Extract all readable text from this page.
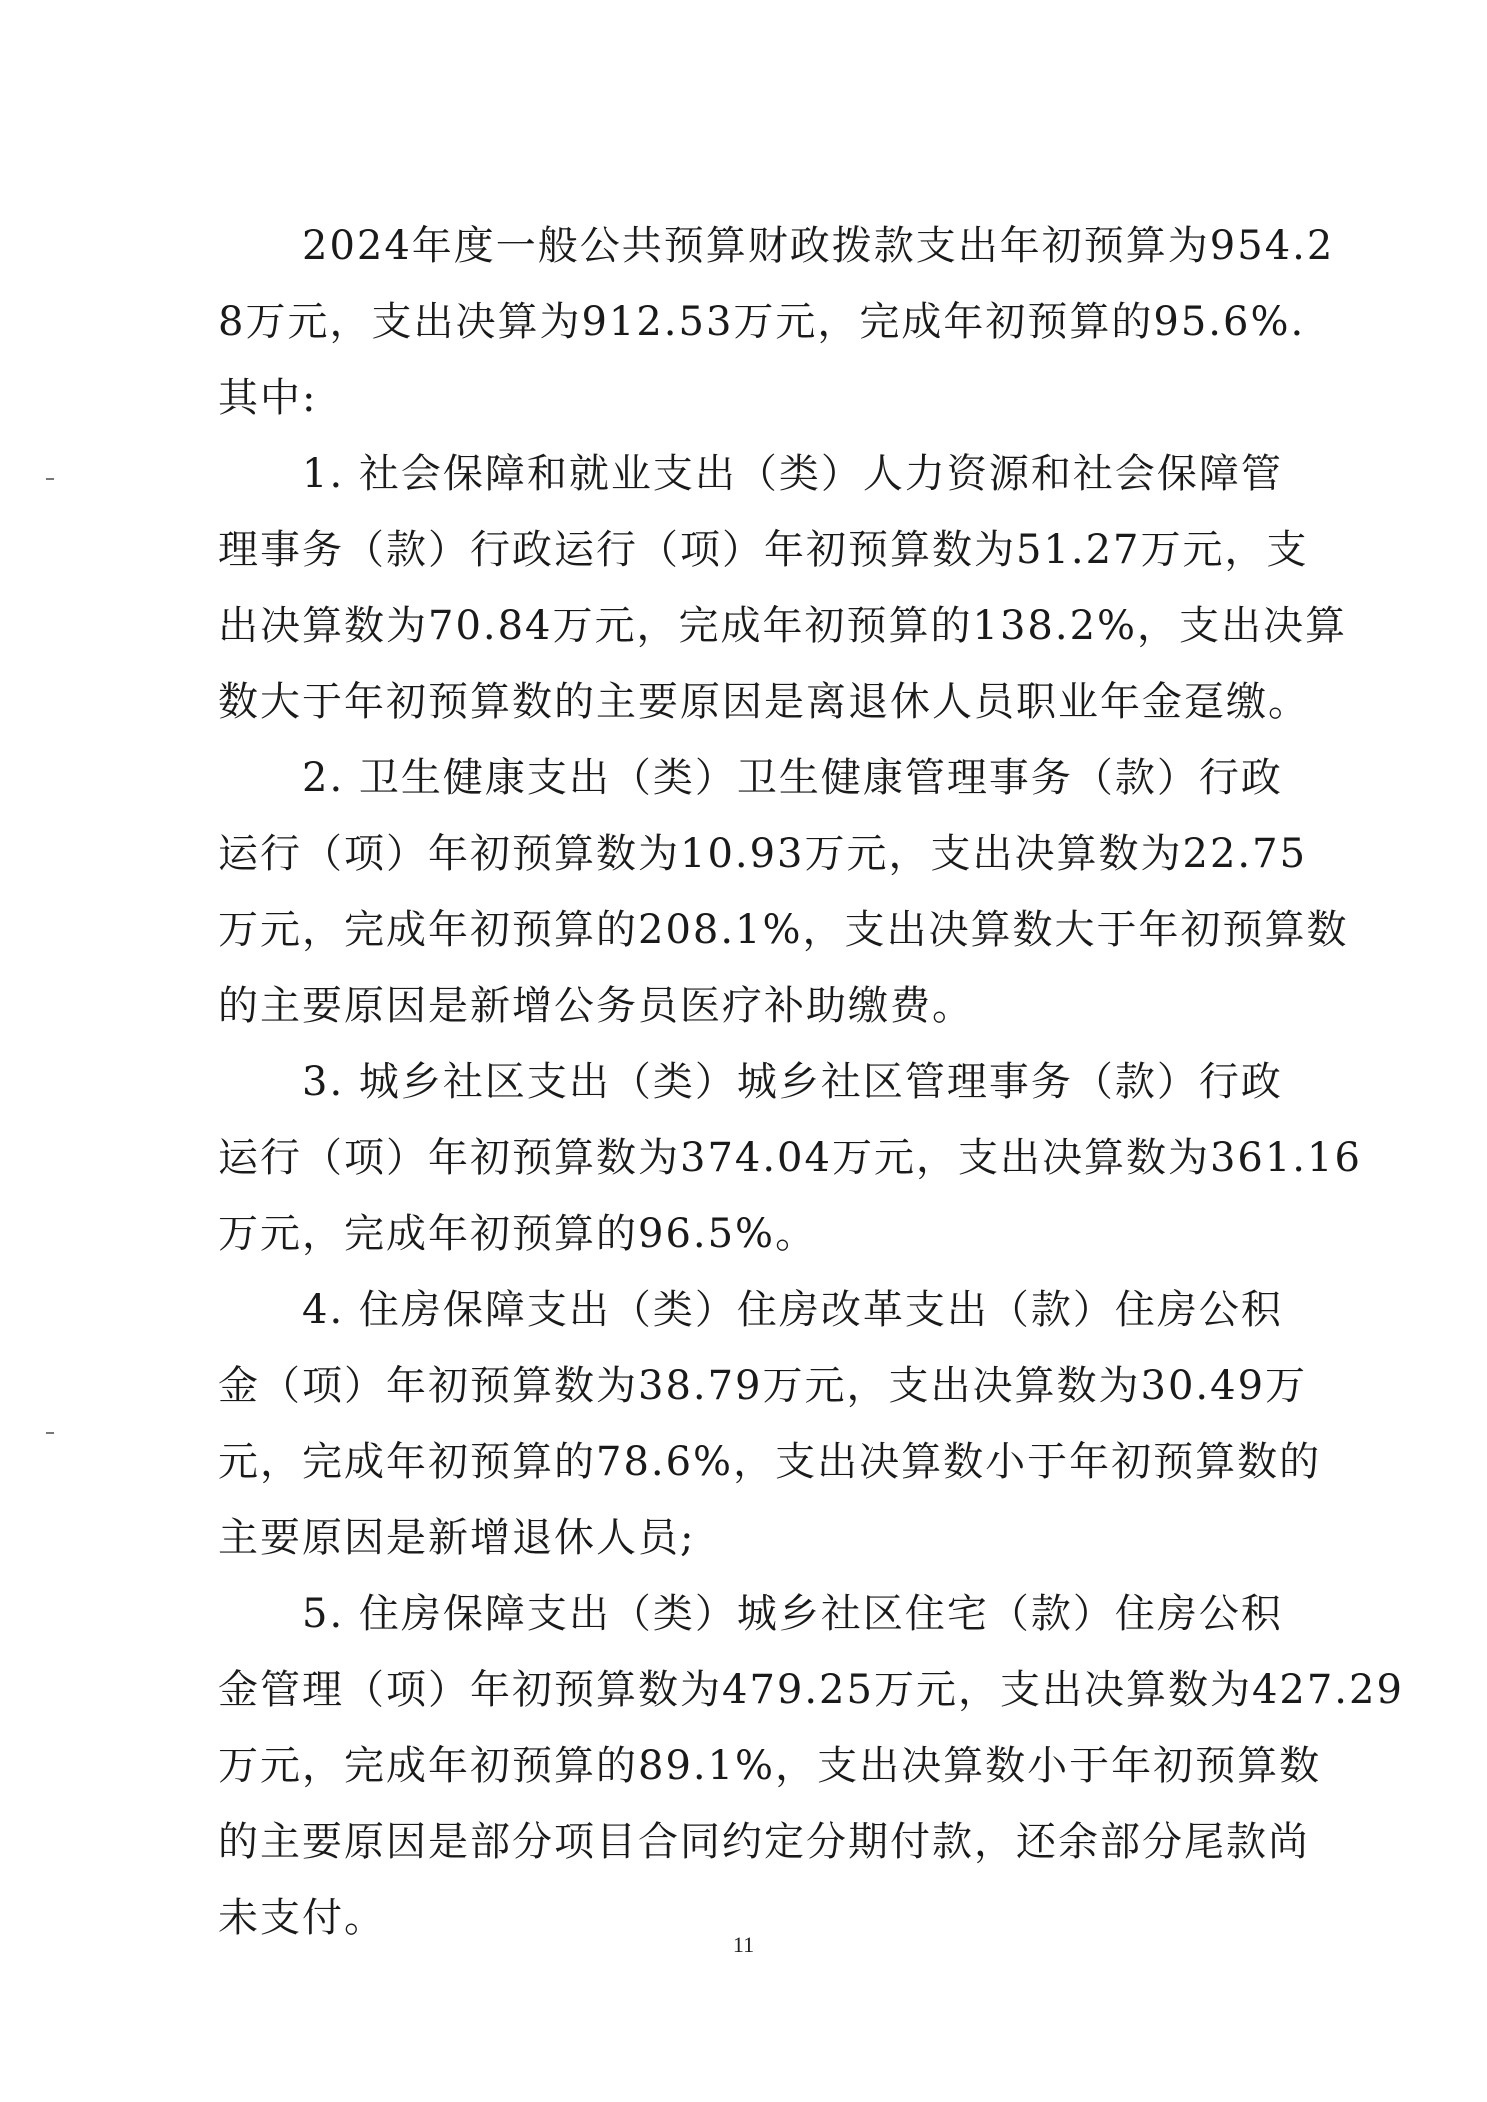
　　2024年度一般公共预算财政拨款支出年初预算为954.2
8万元，支出决算为912.53万元，完成年初预算的95.6%.
其中:
　　1. 社会保障和就业支出（类）人力资源和社会保障管
理事务（款）行政运行（项）年初预算数为51.27万元，支
出决算数为70.84万元，完成年初预算的138.2%，支出决算
数大于年初预算数的主要原因是离退休人员职业年金趸缴。
　　2. 卫生健康支出（类）卫生健康管理事务（款）行政
运行（项）年初预算数为10.93万元，支出决算数为22.75
万元，完成年初预算的208.1%，支出决算数大于年初预算数
的主要原因是新增公务员医疗补助缴费。
　　3. 城乡社区支出（类）城乡社区管理事务（款）行政
运行（项）年初预算数为374.04万元，支出决算数为361.16
万元，完成年初预算的96.5%。
　　4. 住房保障支出（类）住房改革支出（款）住房公积
金（项）年初预算数为38.79万元，支出决算数为30.49万
元，完成年初预算的78.6%，支出决算数小于年初预算数的
主要原因是新增退休人员;
　　5. 住房保障支出（类）城乡社区住宅（款）住房公积
金管理（项）年初预算数为479.25万元，支出决算数为427.29
万元，完成年初预算的89.1%，支出决算数小于年初预算数
的主要原因是部分项目合同约定分期付款，还余部分尾款尚
未支付。
11
